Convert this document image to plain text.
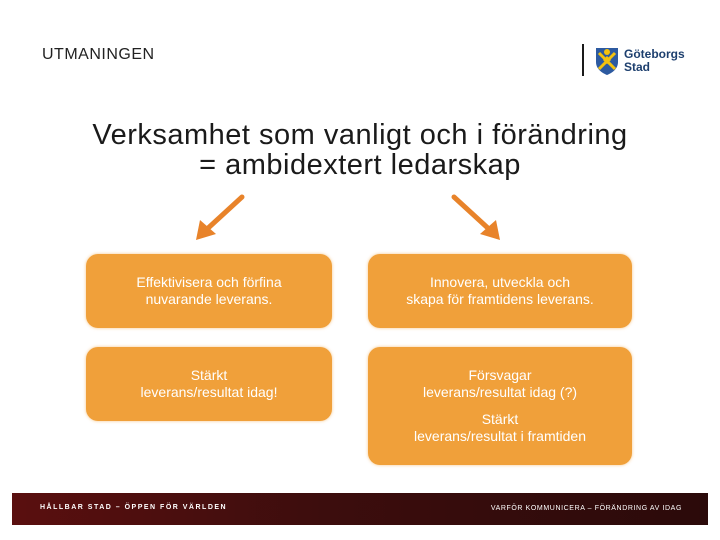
UTMANINGEN	Göteborgs
Stad
Verksamhet som vanligt och i förändring
= ambidextert ledarskap
Effektivisera och förfina
nuvarande leverans.
Innovera, utveckla och
skapa för framtidens leverans.
Stärkt
leverans/resultat idag!
Försvagar
leverans/resultat idag (?)
Stärkt
leverans/resultat i framtiden
HÅLLBAR STAD – ÖPPEN FÖR VÄRLDEN	VARFÖR KOMMUNICERA – FÖRÄNDRING AV IDAG
